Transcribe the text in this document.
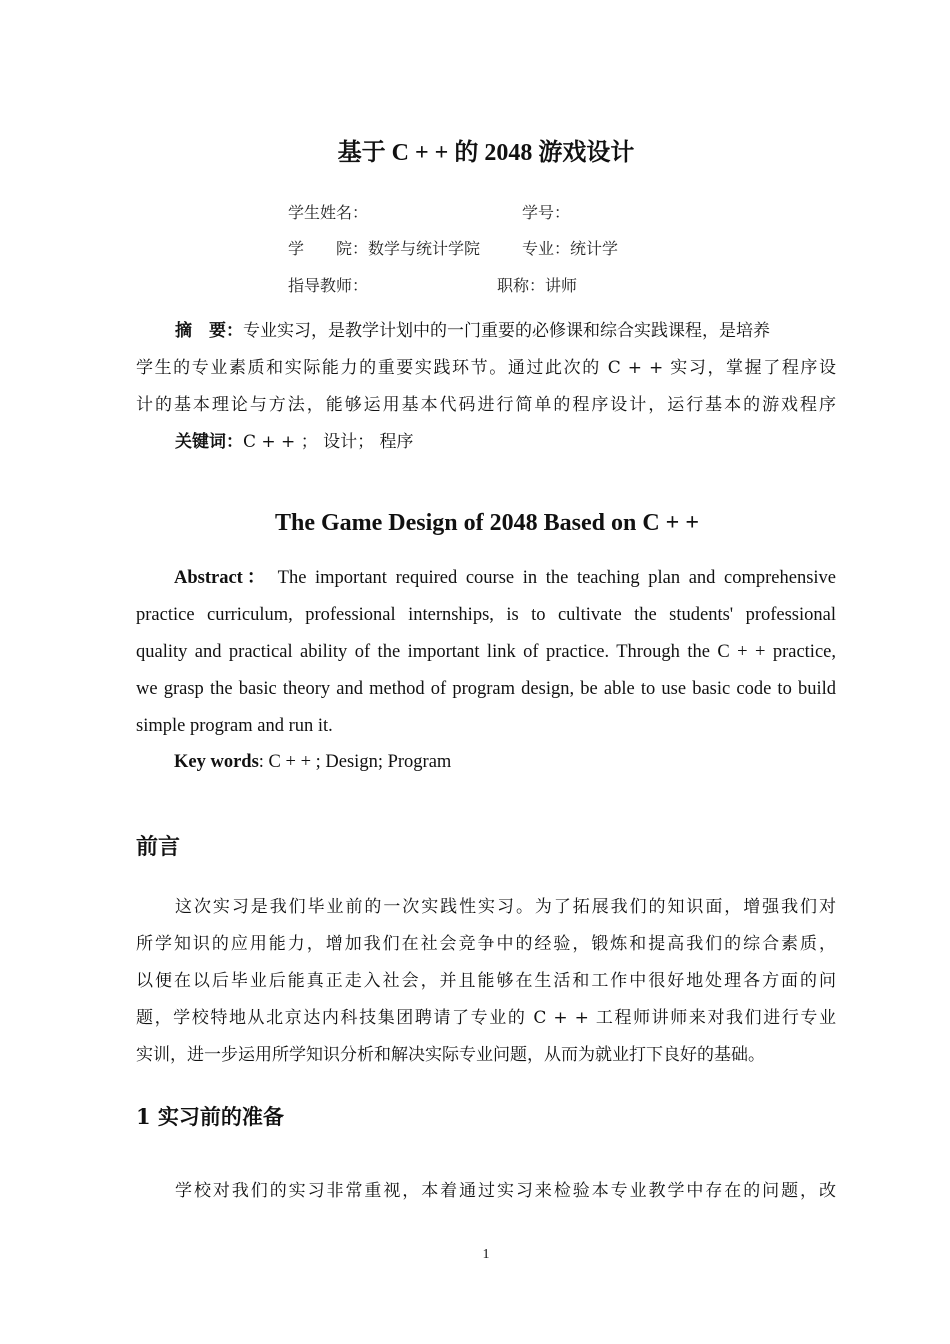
基于 C + + 的 2048 游戏设计
学生姓名：	学号：
学　　院：数学与统计学院	专业：统计学
指导教师：	职称：讲师
摘　要：专业实习，是教学计划中的一门重要的必修课和综合实践课程，是培养
学生的专业素质和实际能力的重要实践环节。通过此次的 C + + 实习，掌握了程序设
计的基本理论与方法，能够运用基本代码进行简单的程序设计，运行基本的游戏程序
关键词：C + + ； 设计； 程序
The Game Design of 2048 Based on C + +
Abstract： The important required course in the teaching plan and comprehensive
practice curriculum, professional internships, is to cultivate the students' professional
quality and practical ability of the important link of practice. Through the C + + practice,
we grasp the basic theory and method of program design, be able to use basic code to build
simple program and run it.
Key words: C + + ; Design; Program
前言
这次实习是我们毕业前的一次实践性实习。为了拓展我们的知识面，增强我们对
所学知识的应用能力，增加我们在社会竞争中的经验，锻炼和提高我们的综合素质，
以便在以后毕业后能真正走入社会，并且能够在生活和工作中很好地处理各方面的问
题，学校特地从北京达内科技集团聘请了专业的 C + + 工程师讲师来对我们进行专业
实训，进一步运用所学知识分析和解决实际专业问题，从而为就业打下良好的基础。
1 实习前的准备
学校对我们的实习非常重视，本着通过实习来检验本专业教学中存在的问题，改
1
